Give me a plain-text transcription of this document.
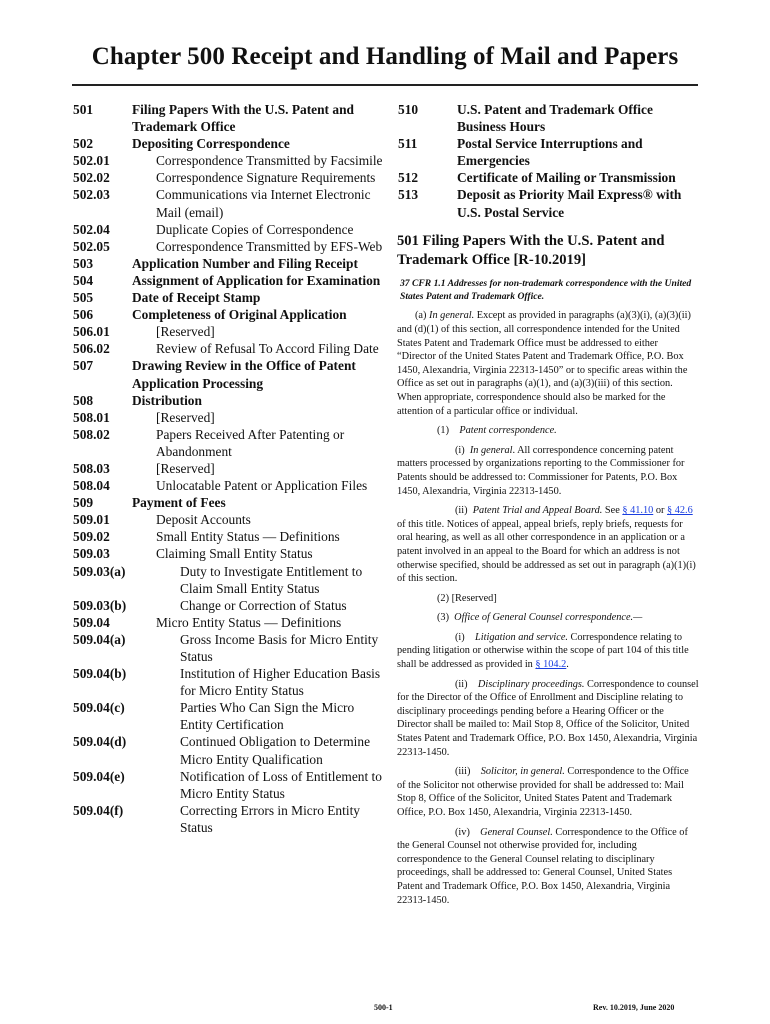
Chapter 500 Receipt and Handling of Mail and Papers
501	Filing Papers With the U.S. Patent and Trademark Office
502	Depositing Correspondence
502.01	Correspondence Transmitted by Facsimile
502.02	Correspondence Signature Requirements
502.03	Communications via Internet Electronic Mail (email)
502.04	Duplicate Copies of Correspondence
502.05	Correspondence Transmitted by EFS-Web
503	Application Number and Filing Receipt
504	Assignment of Application for Examination
505	Date of Receipt Stamp
506	Completeness of Original Application
506.01	[Reserved]
506.02	Review of Refusal To Accord Filing Date
507	Drawing Review in the Office of Patent Application Processing
508	Distribution
508.01	[Reserved]
508.02	Papers Received After Patenting or Abandonment
508.03	[Reserved]
508.04	Unlocatable Patent or Application Files
509	Payment of Fees
509.01	Deposit Accounts
509.02	Small Entity Status — Definitions
509.03	Claiming Small Entity Status
509.03(a)	Duty to Investigate Entitlement to Claim Small Entity Status
509.03(b)	Change or Correction of Status
509.04	Micro Entity Status — Definitions
509.04(a)	Gross Income Basis for Micro Entity Status
509.04(b)	Institution of Higher Education Basis for Micro Entity Status
509.04(c)	Parties Who Can Sign the Micro Entity Certification
509.04(d)	Continued Obligation to Determine Micro Entity Qualification
509.04(e)	Notification of Loss of Entitlement to Micro Entity Status
509.04(f)	Correcting Errors in Micro Entity Status
510	U.S. Patent and Trademark Office Business Hours
511	Postal Service Interruptions and Emergencies
512	Certificate of Mailing or Transmission
513	Deposit as Priority Mail Express® with U.S. Postal Service
501 Filing Papers With the U.S. Patent and Trademark Office [R-10.2019]
37 CFR 1.1 Addresses for non-trademark correspondence with the United States Patent and Trademark Office.

(a) In general. Except as provided in paragraphs (a)(3)(i), (a)(3)(ii) and (d)(1) of this section, all correspondence intended for the United States Patent and Trademark Office must be addressed to either “Director of the United States Patent and Trademark Office, P.O. Box 1450, Alexandria, Virginia 22313-1450” or to specific areas within the Office as set out in paragraphs (a)(1), and (a)(3)(iii) of this section. When appropriate, correspondence should also be marked for the attention of a particular office or individual.

(1) Patent correspondence.

(i) In general. All correspondence concerning patent matters processed by organizations reporting to the Commissioner for Patents should be addressed to: Commissioner for Patents, P.O. Box 1450, Alexandria, Virginia 22313-1450.

(ii) Patent Trial and Appeal Board. See § 41.10 or § 42.6 of this title. Notices of appeal, appeal briefs, reply briefs, requests for oral hearing, as well as all other correspondence in an application or a patent involved in an appeal to the Board for which an address is not otherwise specified, should be addressed as set out in paragraph (a)(1)(i) of this section.

(2) [Reserved]

(3) Office of General Counsel correspondence.—

(i) Litigation and service. Correspondence relating to pending litigation or otherwise within the scope of part 104 of this title shall be addressed as provided in § 104.2.

(ii) Disciplinary proceedings. Correspondence to counsel for the Director of the Office of Enrollment and Discipline relating to disciplinary proceedings pending before a Hearing Officer or the Director shall be mailed to: Mail Stop 8, Office of the Solicitor, United States Patent and Trademark Office, P.O. Box 1450, Alexandria, Virginia 22313-1450.

(iii) Solicitor, in general. Correspondence to the Office of the Solicitor not otherwise provided for shall be addressed to: Mail Stop 8, Office of the Solicitor, United States Patent and Trademark Office, P.O. Box 1450, Alexandria, Virginia 22313-1450.

(iv) General Counsel. Correspondence to the Office of the General Counsel not otherwise provided for, including correspondence to the General Counsel relating to disciplinary proceedings, shall be addressed to: General Counsel, United States Patent and Trademark Office, P.O. Box 1450, Alexandria, Virginia 22313-1450.

500-1	Rev. 10.2019, June 2020
